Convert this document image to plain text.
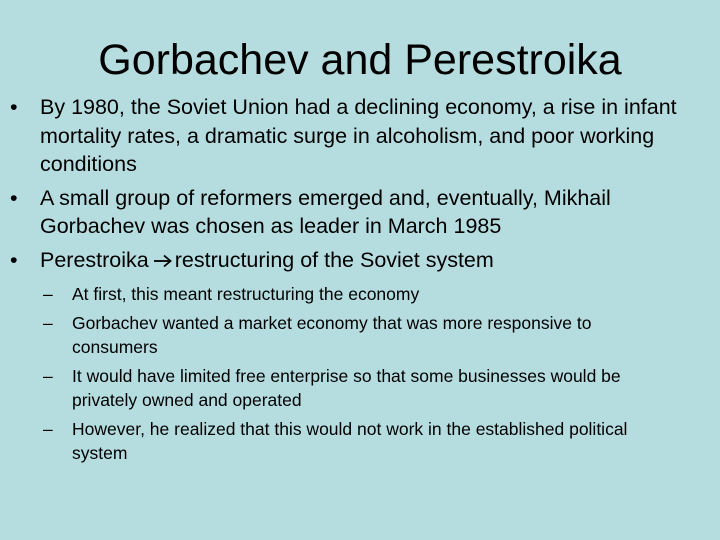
Gorbachev and Perestroika
• By 1980, the Soviet Union had a declining economy, a rise in infant mortality rates, a dramatic surge in alcoholism, and poor working conditions
• A small group of reformers emerged and, eventually, Mikhail Gorbachev was chosen as leader in March 1985
• Perestroika restructuring of the Soviet system
– At first, this meant restructuring the economy
– Gorbachev wanted a market economy that was more responsive to consumers
– It would have limited free enterprise so that some businesses would be privately owned and operated
– However, he realized that this would not work in the established political system
